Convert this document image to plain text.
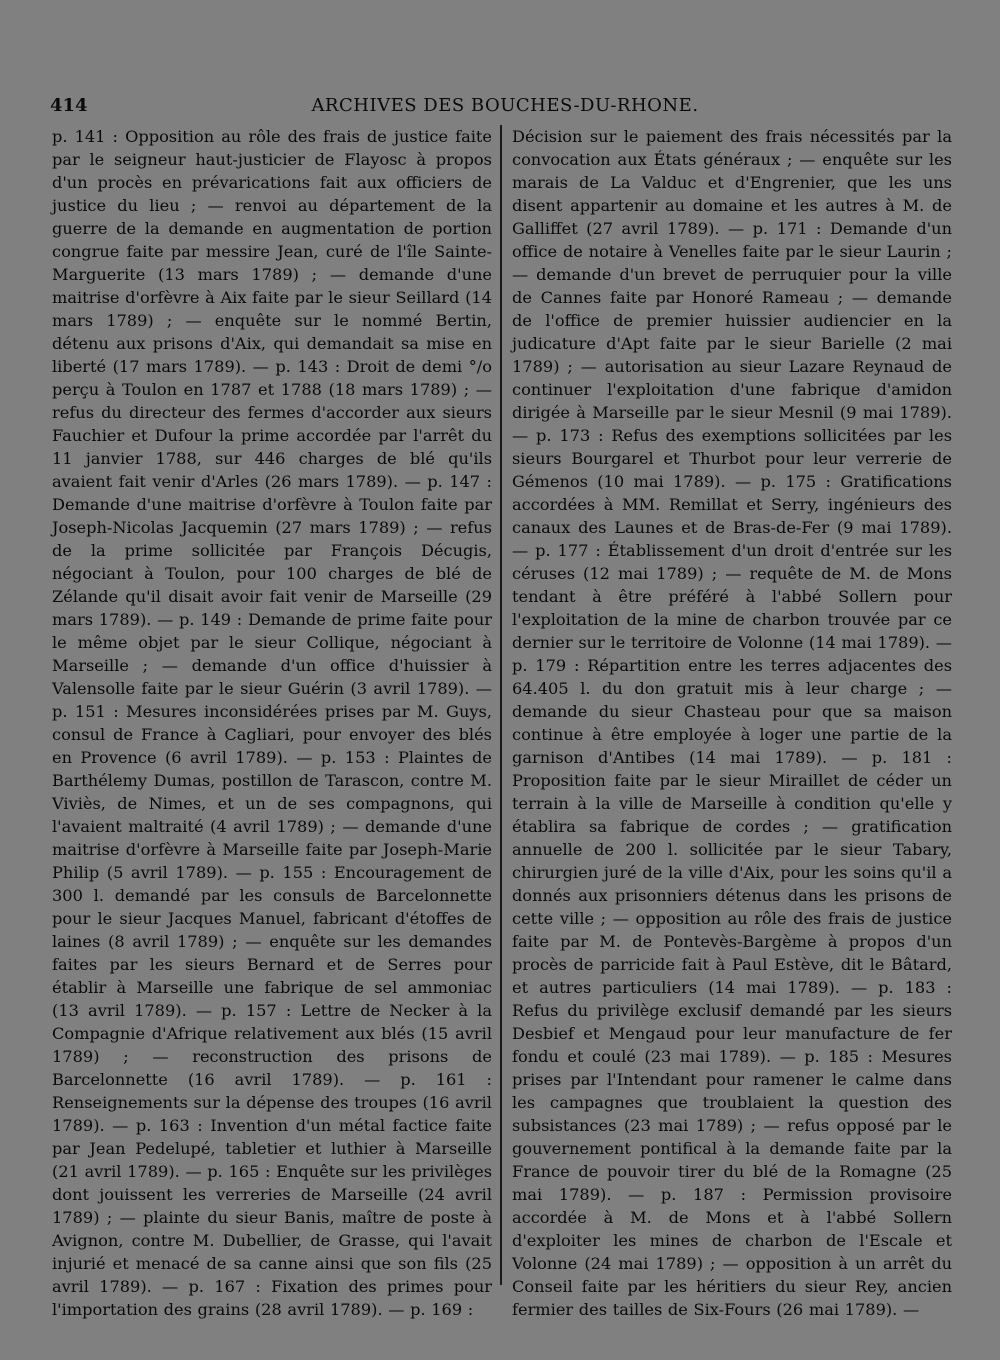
414	ARCHIVES DES BOUCHES-DU-RHONE.

p. 141 : Opposition au rôle des frais de justice faite par le seigneur haut-justicier de Flayosc à propos d'un procès en prévarications fait aux officiers de justice du lieu ; — renvoi au département de la guerre de la demande en augmentation de portion congrue faite par messire Jean, curé de l'île Sainte-Marguerite (13 mars 1789) ; — demande d'une maitrise d'orfèvre à Aix faite par le sieur Seillard (14 mars 1789) ; — enquête sur le nommé Bertin, détenu aux prisons d'Aix, qui demandait sa mise en liberté (17 mars 1789). — p. 143 : Droit de demi °/o perçu à Toulon en 1787 et 1788 (18 mars 1789) ; — refus du directeur des fermes d'accorder aux sieurs Fauchier et Dufour la prime accordée par l'arrêt du 11 janvier 1788, sur 446 charges de blé qu'ils avaient fait venir d'Arles (26 mars 1789). — p. 147 : Demande d'une maitrise d'orfèvre à Toulon faite par Joseph-Nicolas Jacquemin (27 mars 1789) ; — refus de la prime sollicitée par François Décugis, négociant à Toulon, pour 100 charges de blé de Zélande qu'il disait avoir fait venir de Marseille (29 mars 1789). — p. 149 : Demande de prime faite pour le même objet par le sieur Collique, négociant à Marseille ; — demande d'un office d'huissier à Valensolle faite par le sieur Guérin (3 avril 1789). — p. 151 : Mesures inconsidérées prises par M. Guys, consul de France à Cagliari, pour envoyer des blés en Provence (6 avril 1789). — p. 153 : Plaintes de Barthélemy Dumas, postillon de Tarascon, contre M. Viviès, de Nimes, et un de ses compagnons, qui l'avaient maltraité (4 avril 1789) ; — demande d'une maitrise d'orfèvre à Marseille faite par Joseph-Marie Philip (5 avril 1789). — p. 155 : Encouragement de 300 l. demandé par les consuls de Barcelonnette pour le sieur Jacques Manuel, fabricant d'étoffes de laines (8 avril 1789) ; — enquête sur les demandes faites par les sieurs Bernard et de Serres pour établir à Marseille une fabrique de sel ammoniac (13 avril 1789). — p. 157 : Lettre de Necker à la Compagnie d'Afrique relativement aux blés (15 avril 1789) ; — reconstruction des prisons de Barcelonnette (16 avril 1789). — p. 161 : Renseignements sur la dépense des troupes (16 avril 1789). — p. 163 : Invention d'un métal factice faite par Jean Pedelupé, tabletier et luthier à Marseille (21 avril 1789). — p. 165 : Enquête sur les privilèges dont jouissent les verreries de Marseille (24 avril 1789) ; — plainte du sieur Banis, maître de poste à Avignon, contre M. Dubellier, de Grasse, qui l'avait injurié et menacé de sa canne ainsi que son fils (25 avril 1789). — p. 167 : Fixation des primes pour l'importation des grains (28 avril 1789). — p. 169 :

Décision sur le paiement des frais nécessités par la convocation aux États généraux ; — enquête sur les marais de La Valduc et d'Engrenier, que les uns disent appartenir au domaine et les autres à M. de Galliffet (27 avril 1789). — p. 171 : Demande d'un office de notaire à Venelles faite par le sieur Laurin ; — demande d'un brevet de perruquier pour la ville de Cannes faite par Honoré Rameau ; — demande de l'office de premier huissier audiencier en la judicature d'Apt faite par le sieur Barielle (2 mai 1789) ; — autorisation au sieur Lazare Reynaud de continuer l'exploitation d'une fabrique d'amidon dirigée à Marseille par le sieur Mesnil (9 mai 1789). — p. 173 : Refus des exemptions sollicitées par les sieurs Bourgarel et Thurbot pour leur verrerie de Gémenos (10 mai 1789). — p. 175 : Gratifications accordées à MM. Remillat et Serry, ingénieurs des canaux des Launes et de Bras-de-Fer (9 mai 1789). — p. 177 : Établissement d'un droit d'entrée sur les céruses (12 mai 1789) ; — requête de M. de Mons tendant à être préféré à l'abbé Sollern pour l'exploitation de la mine de charbon trouvée par ce dernier sur le territoire de Volonne (14 mai 1789). — p. 179 : Répartition entre les terres adjacentes des 64.405 l. du don gratuit mis à leur charge ; — demande du sieur Chasteau pour que sa maison continue à être employée à loger une partie de la garnison d'Antibes (14 mai 1789). — p. 181 : Proposition faite par le sieur Miraillet de céder un terrain à la ville de Marseille à condition qu'elle y établira sa fabrique de cordes ; — gratification annuelle de 200 l. sollicitée par le sieur Tabary, chirurgien juré de la ville d'Aix, pour les soins qu'il a donnés aux prisonniers détenus dans les prisons de cette ville ; — opposition au rôle des frais de justice faite par M. de Pontevès-Bargème à propos d'un procès de parricide fait à Paul Estève, dit le Bâtard, et autres particuliers (14 mai 1789). — p. 183 : Refus du privilège exclusif demandé par les sieurs Desbief et Mengaud pour leur manufacture de fer fondu et coulé (23 mai 1789). — p. 185 : Mesures prises par l'Intendant pour ramener le calme dans les campagnes que troublaient la question des subsistances (23 mai 1789) ; — refus opposé par le gouvernement pontifical à la demande faite par la France de pouvoir tirer du blé de la Romagne (25 mai 1789). — p. 187 : Permission provisoire accordée à M. de Mons et à l'abbé Sollern d'exploiter les mines de charbon de l'Escale et Volonne (24 mai 1789) ; — opposition à un arrêt du Conseil faite par les héritiers du sieur Rey, ancien fermier des tailles de Six-Fours (26 mai 1789). —
